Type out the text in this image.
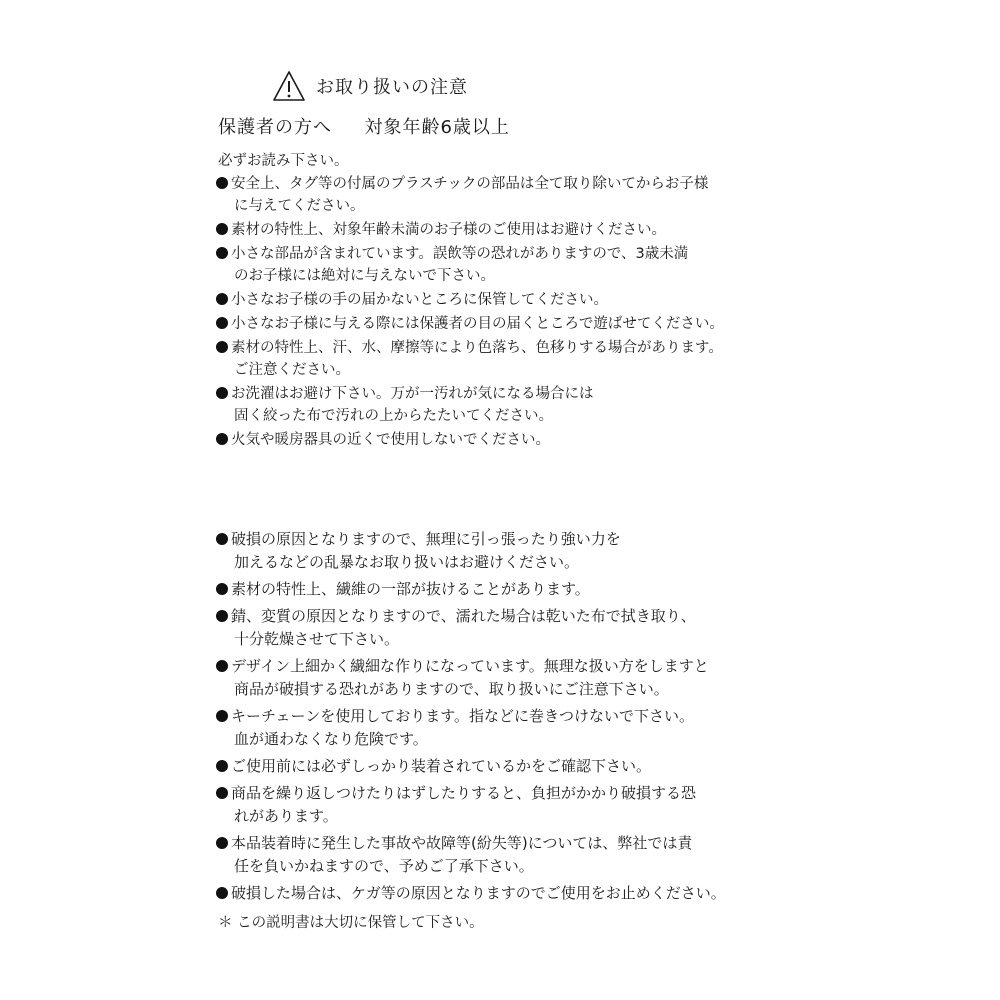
お取り扱いの注意
保護者の方へ　  対象年齢6歳以上
必ずお読み下さい。
安全上、タグ等の付属のプラスチックの部品は全て取り除いてからお子様
に与えてください。
素材の特性上、対象年齢未満のお子様のご使用はお避けください。
小さな部品が含まれています。誤飲等の恐れがありますので、3歳未満
のお子様には絶対に与えないで下さい。
小さなお子様の手の届かないところに保管してください。
小さなお子様に与える際には保護者の目の届くところで遊ばせてください。
素材の特性上、汗、水、摩擦等により色落ち、色移りする場合があります。
ご注意ください。
お洗濯はお避け下さい。万が一汚れが気になる場合には
固く絞った布で汚れの上からたたいてください。
火気や暖房器具の近くで使用しないでください。
破損の原因となりますので、無理に引っ張ったり強い力を
加えるなどの乱暴なお取り扱いはお避けください。
素材の特性上、繊維の一部が抜けることがあります。
錆、変質の原因となりますので、濡れた場合は乾いた布で拭き取り、
十分乾燥させて下さい。
デザイン上細かく繊細な作りになっています。無理な扱い方をしますと
商品が破損する恐れがありますので、取り扱いにご注意下さい。
キーチェーンを使用しております。指などに巻きつけないで下さい。
血が通わなくなり危険です。
ご使用前には必ずしっかり装着されているかをご確認下さい。
商品を繰り返しつけたりはずしたりすると、負担がかかり破損する恐
れがあります。
本品装着時に発生した事故や故障等(紛失等)については、弊社では責
任を負いかねますので、予めご了承下さい。
破損した場合は、ケガ等の原因となりますのでご使用をお止めください。
＊ この説明書は大切に保管して下さい。
